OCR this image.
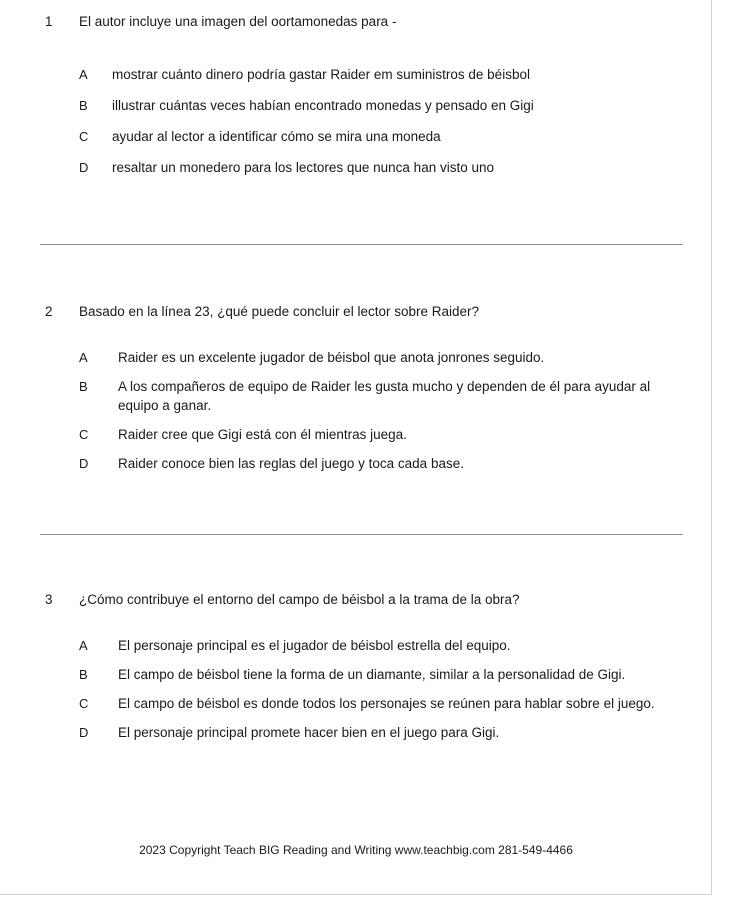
1	El autor incluye una imagen del oortamonedas para -
A	mostrar cuánto dinero podría gastar Raider em suministros de béisbol
B	illustrar cuántas veces habían encontrado monedas y pensado en Gigi
C	ayudar al lector a identificar cómo se mira una moneda
D	resaltar un monedero para los lectores que nunca han visto uno
2	Basado en la línea 23, ¿qué puede concluir el lector sobre Raider?
A	Raider es un excelente jugador de béisbol que anota jonrones seguido.
B	A los compañeros de equipo de Raider les gusta mucho y dependen de él para ayudar al equipo a ganar.
C	Raider cree que Gigi está con él mientras juega.
D	Raider conoce bien las reglas del juego y toca cada base.
3	¿Cómo contribuye el entorno del campo de béisbol a la trama de la obra?
A	El personaje principal es el jugador de béisbol estrella del equipo.
B	El campo de béisbol tiene la forma de un diamante, similar a la personalidad de Gigi.
C	El campo de béisbol es donde todos los personajes se reúnen para hablar sobre el juego.
D	El personaje principal promete hacer bien en el juego para Gigi.
2023 Copyright Teach BIG Reading and Writing www.teachbig.com 281-549-4466
